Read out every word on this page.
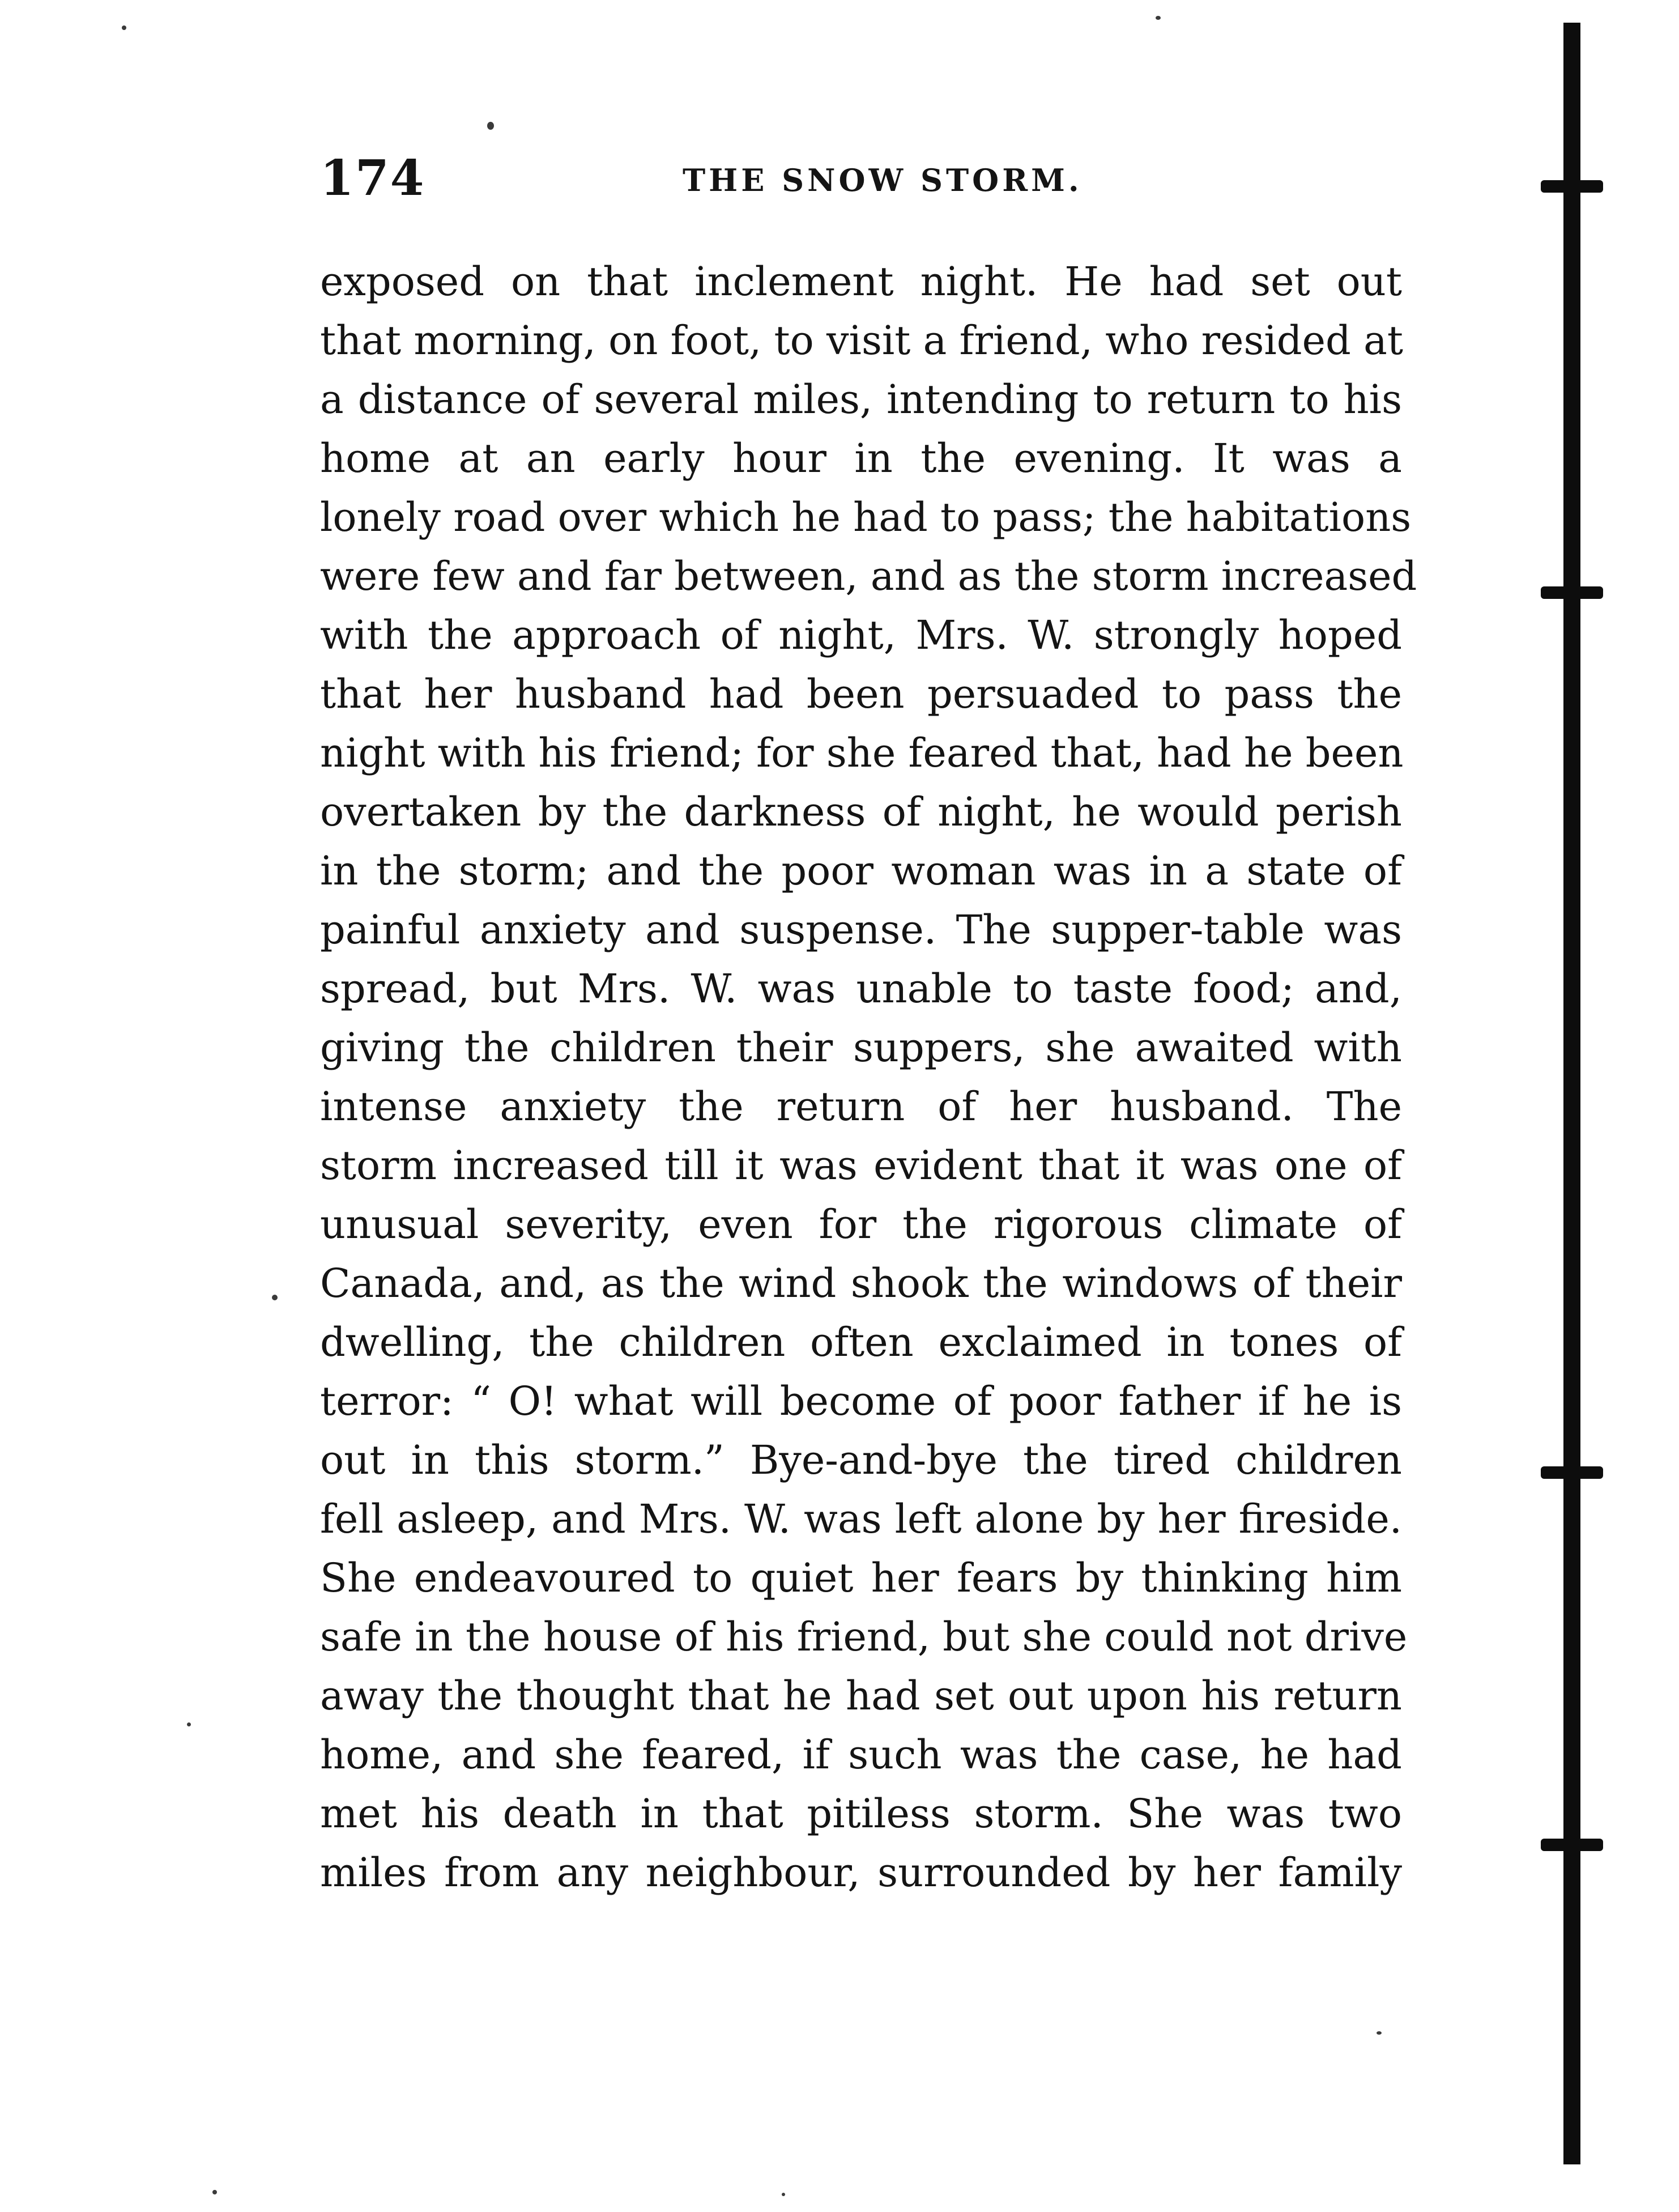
174	THE SNOW STORM.
exposed on that inclement night. He had set out
that morning, on foot, to visit a friend, who resided at
a distance of several miles, intending to return to his
home at an early hour in the evening. It was a
lonely road over which he had to pass; the habitations
were few and far between, and as the storm increased
with the approach of night, Mrs. W. strongly hoped
that her husband had been persuaded to pass the
night with his friend; for she feared that, had he been
overtaken by the darkness of night, he would perish
in the storm; and the poor woman was in a state of
painful anxiety and suspense. The supper-table was
spread, but Mrs. W. was unable to taste food; and,
giving the children their suppers, she awaited with
intense anxiety the return of her husband. The
storm increased till it was evident that it was one of
unusual severity, even for the rigorous climate of
Canada, and, as the wind shook the windows of their
dwelling, the children often exclaimed in tones of
terror: “ O! what will become of poor father if he is
out in this storm.” Bye-and-bye the tired children
fell asleep, and Mrs. W. was left alone by her fireside.
She endeavoured to quiet her fears by thinking him
safe in the house of his friend, but she could not drive
away the thought that he had set out upon his return
home, and she feared, if such was the case, he had
met his death in that pitiless storm. She was two
miles from any neighbour, surrounded by her family
